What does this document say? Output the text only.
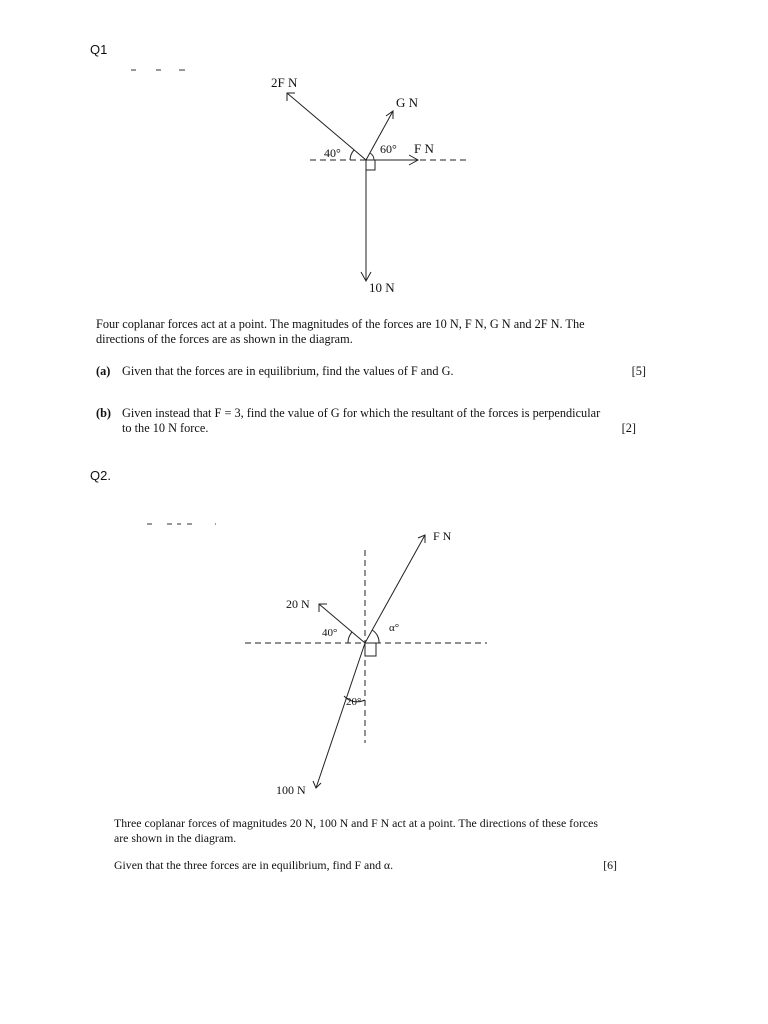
Q1
2F N
G N
F N
10 N
40°	60°
Four coplanar forces act at a point. The magnitudes of the forces are 10 N, F N, G N and 2F N. The
directions of the forces are as shown in the diagram.
(a) Given that the forces are in equilibrium, find the values of F and G.	[5]
(b) Given instead that F = 3, find the value of G for which the resultant of the forces is perpendicular
to the 10 N force.	[2]
Q2.
F N
20 N
100 N
40°	α°
20°
Three coplanar forces of magnitudes 20 N, 100 N and F N act at a point. The directions of these forces
are shown in the diagram.
Given that the three forces are in equilibrium, find F and α.	[6]
